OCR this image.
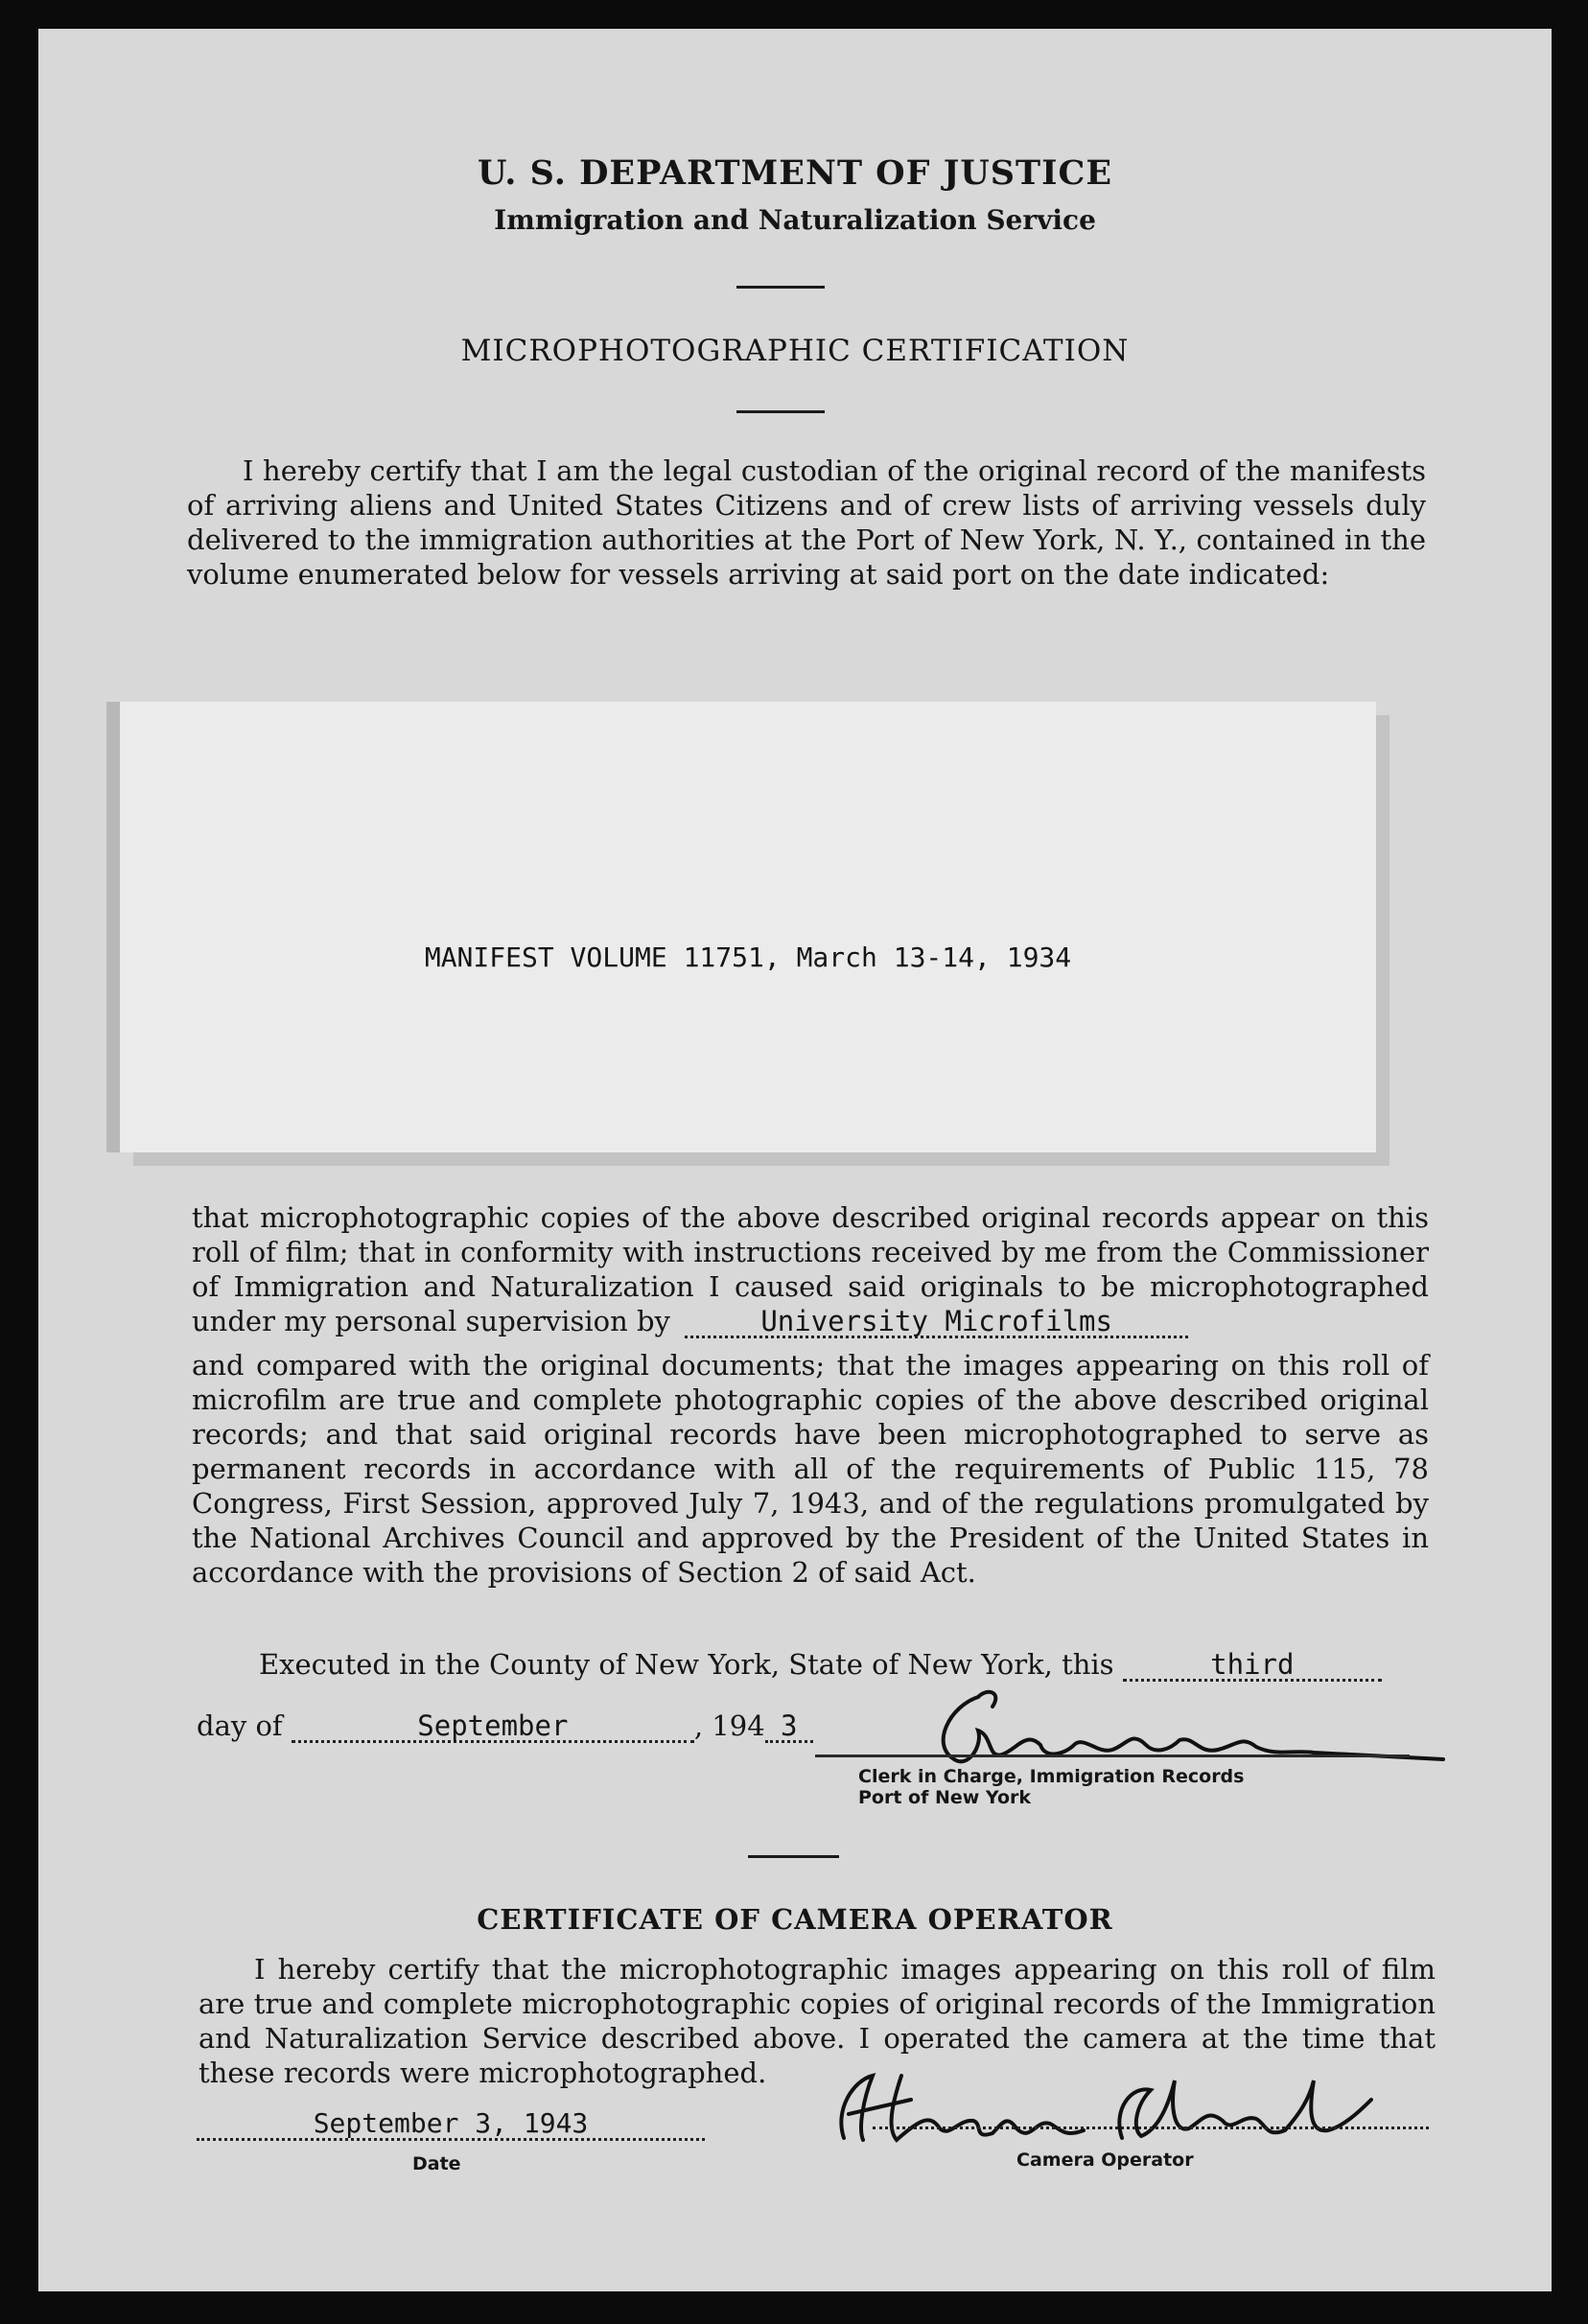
U. S. DEPARTMENT OF JUSTICE
Immigration and Naturalization Service
MICROPHOTOGRAPHIC CERTIFICATION

I hereby certify that I am the legal custodian of the original record of the manifests of arriving aliens and United States Citizens and of crew lists of arriving vessels duly delivered to the immigration authorities at the Port of New York, N. Y., contained in the volume enumerated below for vessels arriving at said port on the date indicated:

MANIFEST VOLUME 11751, March 13-14, 1934

that microphotographic copies of the above described original records appear on this roll of film; that in conformity with instructions received by me from the Commissioner of Immigration and Naturalization I caused said originals to be microphotographed under my personal supervision by	University Microfilms

and compared with the original documents; that the images appearing on this roll of microfilm are true and complete photographic copies of the above described original records; and that said original records have been microphotographed to serve as permanent records in accordance with all of the requirements of Public 115, 78 Congress, First Session, approved July 7, 1943, and of the regulations promulgated by the National Archives Council and approved by the President of the United States in accordance with the provisions of Section 2 of said Act.

Executed in the County of New York, State of New York, this	third
day of	September	, 194 3
Clerk in Charge, Immigration Records
Port of New York
CERTIFICATE OF CAMERA OPERATOR

I hereby certify that the microphotographic images appearing on this roll of film are true and complete microphotographic copies of original records of the Immigration and Naturalization Service described above. I operated the camera at the time that these records were microphotographed.

September 3, 1943
Date	Camera Operator
